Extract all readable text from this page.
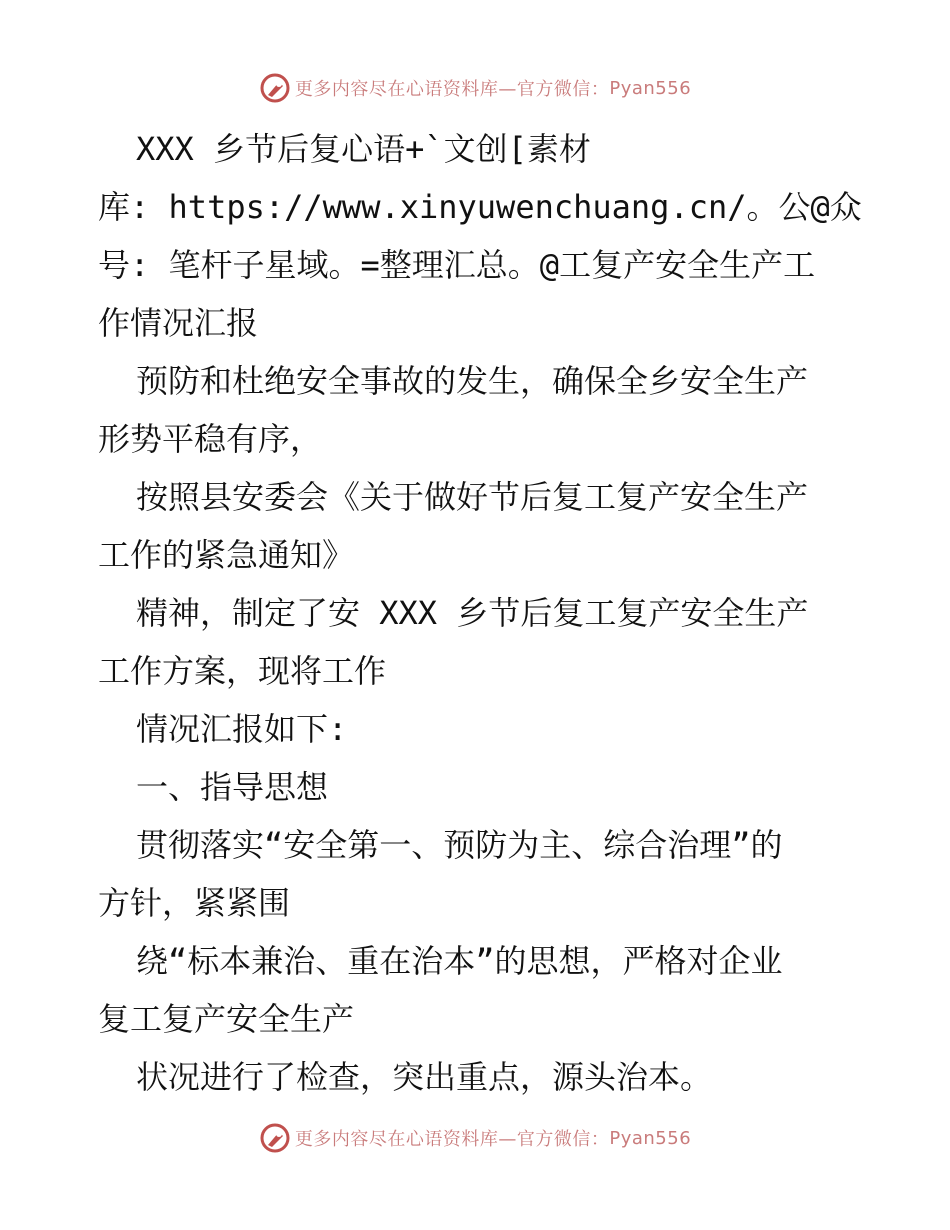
更多内容尽在心语资料库—官方微信： Pyan556
XXX 乡节后复心语+`文创[素材
库: https://www.xinyuwenchuang.cn/。公@众
号: 笔杆子星域。=整理汇总。@工复产安全生产工
作情况汇报
预防和杜绝安全事故的发生，确保全乡安全生产
形势平稳有序，
按照县安委会《关于做好节后复工复产安全生产
工作的紧急通知》
精神，制定了安 XXX 乡节后复工复产安全生产
工作方案，现将工作
情况汇报如下:
一、指导思想
贯彻落实“安全第一、预防为主、综合治理”的
方针，紧紧围
绕“标本兼治、重在治本”的思想，严格对企业
复工复产安全生产
状况进行了检查，突出重点，源头治本。
更多内容尽在心语资料库—官方微信： Pyan556
